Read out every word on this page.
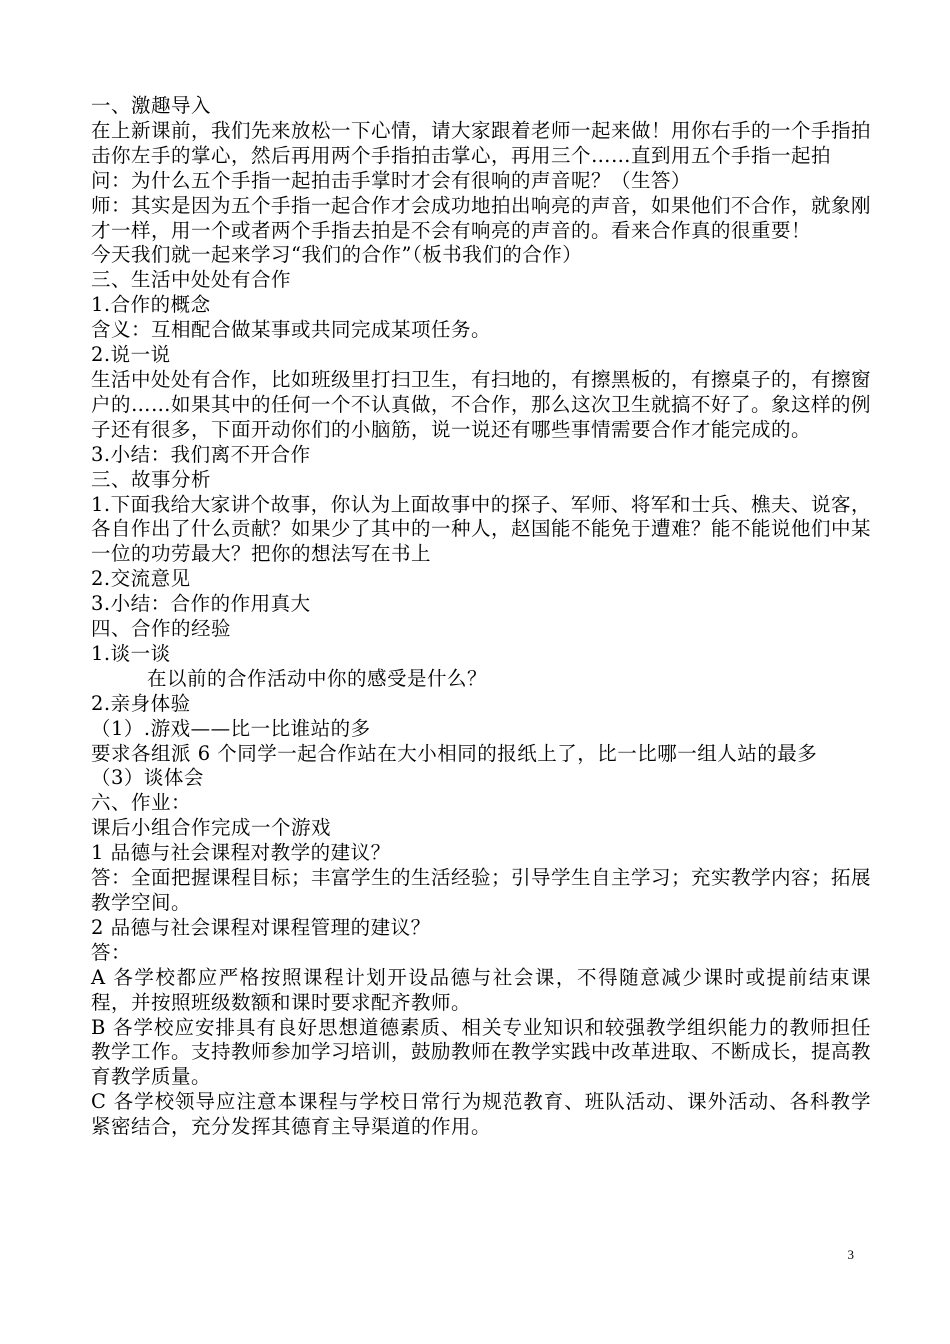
一、激趣导入
在上新课前，我们先来放松一下心情，请大家跟着老师一起来做！用你右手的一个手指拍击你左手的掌心，然后再用两个手指拍击掌心，再用三个……直到用五个手指一起拍
问：为什么五个手指一起拍击手掌时才会有很响的声音呢？（生答）
师：其实是因为五个手指一起合作才会成功地拍出响亮的声音，如果他们不合作，就象刚才一样，用一个或者两个手指去拍是不会有响亮的声音的。看来合作真的很重要！
今天我们就一起来学习“我们的合作”（板书我们的合作）
三、生活中处处有合作
1.合作的概念
含义：互相配合做某事或共同完成某项任务。
2.说一说
生活中处处有合作，比如班级里打扫卫生，有扫地的，有擦黑板的，有擦桌子的，有擦窗户的……如果其中的任何一个不认真做，不合作，那么这次卫生就搞不好了。象这样的例子还有很多，下面开动你们的小脑筋，说一说还有哪些事情需要合作才能完成的。
3.小结：我们离不开合作
三、故事分析
1.下面我给大家讲个故事，你认为上面故事中的探子、军师、将军和士兵、樵夫、说客，各自作出了什么贡献？如果少了其中的一种人，赵国能不能免于遭难？能不能说他们中某一位的功劳最大？把你的想法写在书上
2.交流意见
3.小结：合作的作用真大
四、合作的经验
1.谈一谈
在以前的合作活动中你的感受是什么？
2.亲身体验
（1）.游戏——比一比谁站的多
要求各组派 6 个同学一起合作站在大小相同的报纸上了，比一比哪一组人站的最多
（3）谈体会
六、作业：
课后小组合作完成一个游戏
1 品德与社会课程对教学的建议？
答：全面把握课程目标；丰富学生的生活经验；引导学生自主学习；充实教学内容；拓展教学空间。
2 品德与社会课程对课程管理的建议？
答：
A 各学校都应严格按照课程计划开设品德与社会课，不得随意减少课时或提前结束课程，并按照班级数额和课时要求配齐教师。
B 各学校应安排具有良好思想道德素质、相关专业知识和较强教学组织能力的教师担任教学工作。支持教师参加学习培训，鼓励教师在教学实践中改革进取、不断成长，提高教育教学质量。
C 各学校领导应注意本课程与学校日常行为规范教育、班队活动、课外活动、各科教学紧密结合，充分发挥其德育主导渠道的作用。
3
